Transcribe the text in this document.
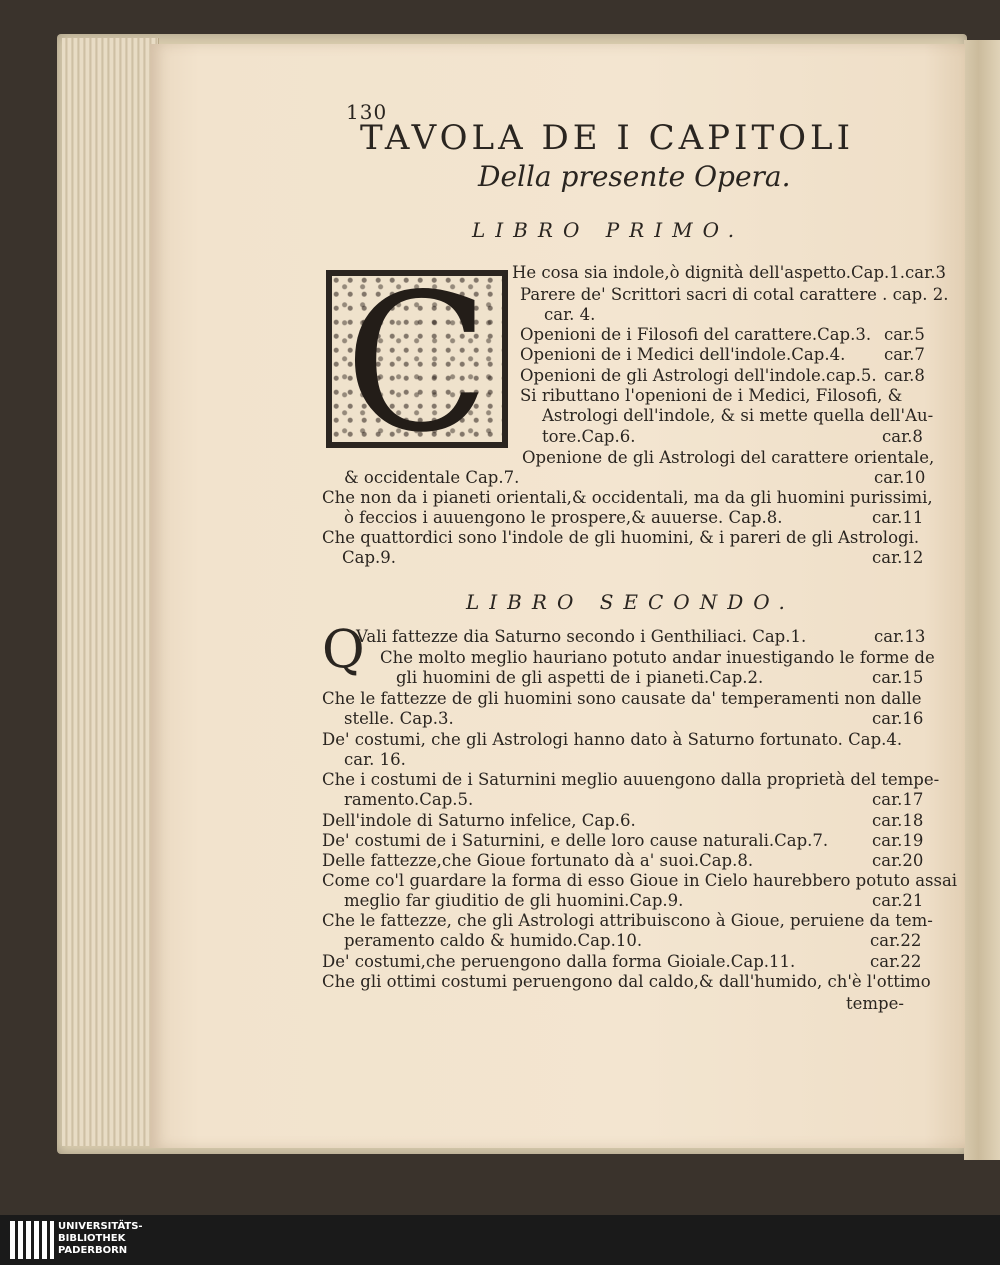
130
TAVOLA DE I CAPITOLI
Della presente Opera.
LIBRO PRIMO.
C	He cosa sia indole,ò dignità dell'aspetto.Cap.1.car.3
Parere de' Scrittori sacri di cotal carattere . cap. 2.
car. 4.
Openioni de i Filosofi del carattere.Cap.3. car.5
Openioni de i Medici dell'indole.Cap.4. car.7
Openioni de gli Astrologi dell'indole.cap.5. car.8
Si ributtano l'openioni de i Medici, Filosofi, &
Astrologi dell'indole, & si mette quella dell'Au-
tore.Cap.6.	car.8
Openione de gli Astrologi del carattere orientale,
& occidentale Cap.7.	car.10
Che non da i pianeti orientali,& occidentali, ma da gli huomini purissimi,
ò feccios i auuengono le prospere,& auuerse. Cap.8.	car.11
Che quattordici sono l'indole de gli huomini, & i pareri de gli Astrologi.
Cap.9.	car.12
LIBRO SECONDO.
Q
Vali fattezze dia Saturno secondo i Genthiliaci. Cap.1.	car.13
Che molto meglio hauriano potuto andar inuestigando le forme de
gli huomini de gli aspetti de i pianeti.Cap.2.	car.15
Che le fattezze de gli huomini sono causate da' temperamenti non dalle
stelle. Cap.3.	car.16
De' costumi, che gli Astrologi hanno dato à Saturno fortunato. Cap.4.
car. 16.
Che i costumi de i Saturnini meglio auuengono dalla proprietà del tempe-
ramento.Cap.5.	car.17
Dell'indole di Saturno infelice, Cap.6.	car.18
De' costumi de i Saturnini, e delle loro cause naturali.Cap.7.	car.19
Delle fattezze,che Gioue fortunato dà a' suoi.Cap.8.	car.20
Come co'l guardare la forma di esso Gioue in Cielo haurebbero potuto assai
meglio far giuditio de gli huomini.Cap.9.	car.21
Che le fattezze, che gli Astrologi attribuiscono à Gioue, peruiene da tem-
peramento caldo & humido.Cap.10.	car.22
De' costumi,che peruengono dalla forma Gioiale.Cap.11.	car.22
Che gli ottimi costumi peruengono dal caldo,& dall'humido, ch'è l'ottimo
tempe-
UNIVERSITÄTS-
BIBLIOTHEK
PADERBORN
